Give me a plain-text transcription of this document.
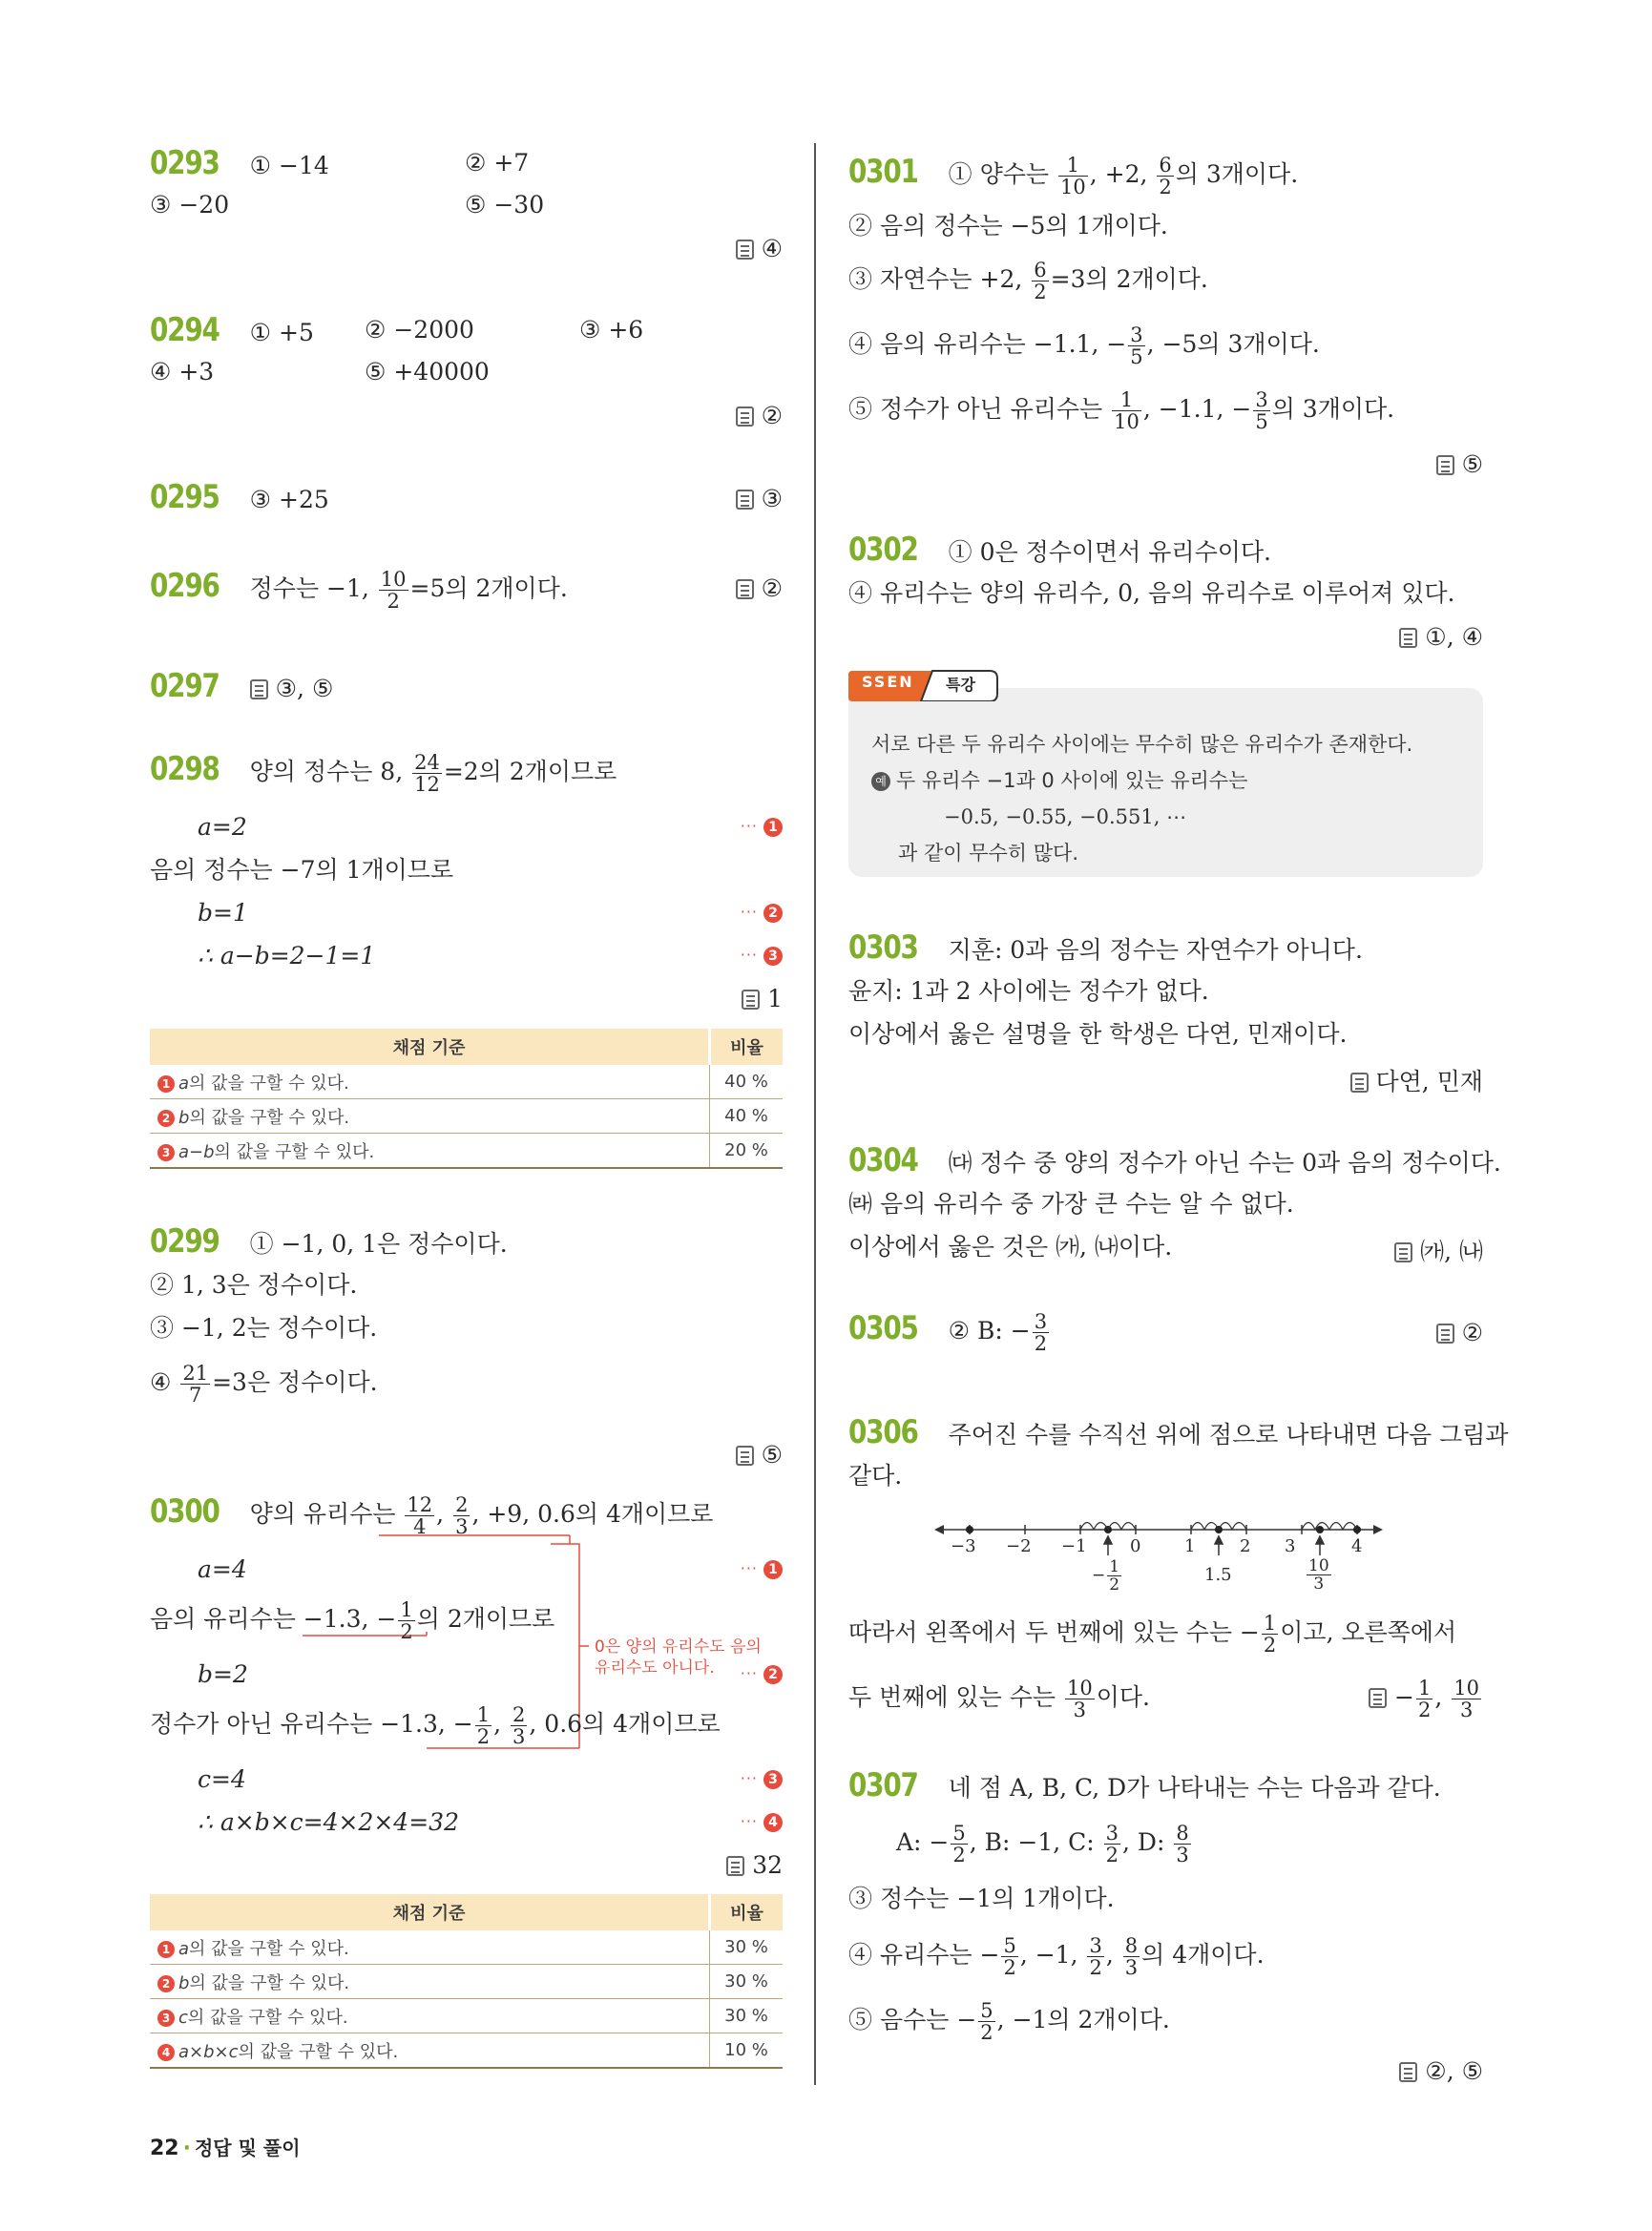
0293 ① −14	② +7
③ −20	⑤ −30
④
0294 ① +5 ② −2000	③ +6
④ +3	⑤ +40000
②
0295 ③ +25	③
0296 정수는 −1, $\frac{10}{2} =5$의 2개이다.	②
0297 ③, ⑤
0298 양의 정수는 8, $\frac{24}{12} =2$의 2개이므로
a=2	··· 1
음의 정수는 −7의 1개이므로
b=1	··· 2
∴ a−b=2−1=1	··· 3
1
채점 기준	비율
1 a의 값을 구할 수 있다.	40 %
2 b의 값을 구할 수 있다.	40 %
3 a−b의 값을 구할 수 있다.	20 %
0299 ① −1, 0, 1은 정수이다.
② 1, 3은 정수이다.
③ −1, 2는 정수이다.
④ $\frac{21}{7} =3$은 정수이다.
⑤
0300 양의 유리수는 $\frac{12}{4}$ , $\frac{2}{3}$ , +9, 0.6의 4개이므로
0은 양의 유리수도 음의
유리수도 아니다.
a=4	··· 1
음의 유리수는 −1.3, − $\frac{1}{2}$ 의 2개이므로
b=2	··· 2
정수가 아닌 유리수는 −1.3, − $\frac{1}{2}$ , $\frac{2}{3}$ , 0.6의 4개이므로
c=4	··· 3
∴ a×b×c=4×2×4=32	··· 4
32
채점 기준	비율
1 a의 값을 구할 수 있다.	30 %
2 b의 값을 구할 수 있다.	30 %
3 c의 값을 구할 수 있다.	30 %
4 a×b×c의 값을 구할 수 있다.	10 %
0301 ① 양수는 $\frac{1}{10}$ , +2, $\frac{6}{2}$ 의 3개이다.
② 음의 정수는 −5의 1개이다.
③ 자연수는 +2, $\frac{6}{2} =3$의 2개이다.
④ 음의 유리수는 −1.1, − $\frac{3}{5}$ , −5의 3개이다.
⑤ 정수가 아닌 유리수는 $\frac{1}{10}$ , −1.1, − $\frac{3}{5}$ 의 3개이다.
⑤
0302 ① 0은 정수이면서 유리수이다.
④ 유리수는 양의 유리수, 0, 음의 유리수로 이루어져 있다.
①, ④
SSEN 특강
서로 다른 두 유리수 사이에는 무수히 많은 유리수가 존재한다.
예 두 유리수 −1과 0 사이에 있는 유리수는
−0.5, −0.55, −0.551, ⋯
과 같이 무수히 많다.
0303 지훈: 0과 음의 정수는 자연수가 아니다.
윤지: 1과 2 사이에는 정수가 없다.
이상에서 옳은 설명을 한 학생은 다연, 민재이다.
다연, 민재
0304 ㈐ 정수 중 양의 정수가 아닌 수는 0과 음의 정수이다.
㈑ 음의 유리수 중 가장 큰 수는 알 수 없다.
이상에서 옳은 것은 ㈎, ㈏이다.	㈎, ㈏
0305 ② B: − $\frac{3}{2}$	②
0306 주어진 수를 수직선 위에 점으로 나타내면 다음 그림과
같다.
−3 −2 −1	0	1	2 3	4
− $\frac{1}{2}$	1.5	$\frac{10}{3}$
따라서 왼쪽에서 두 번째에 있는 수는 − $\frac{1}{2}$ 이고, 오른쪽에서
두 번째에 있는 수는 $\frac{10}{3}$ 이다.	− $\frac{1}{2}$ , $\frac{10}{3}$
0307 네 점 A, B, C, D가 나타내는 수는 다음과 같다.
A: − $\frac{5}{2}$ , B: −1, C: $\frac{3}{2}$ , D: $\frac{8}{3}$
③ 정수는 −1의 1개이다.
④ 유리수는 − $\frac{5}{2}$ , −1, $\frac{3}{2}$ , $\frac{8}{3}$ 의 4개이다.
⑤ 음수는 − $\frac{5}{2}$ , −1의 2개이다.
②, ⑤
22 · 정답 및 풀이
